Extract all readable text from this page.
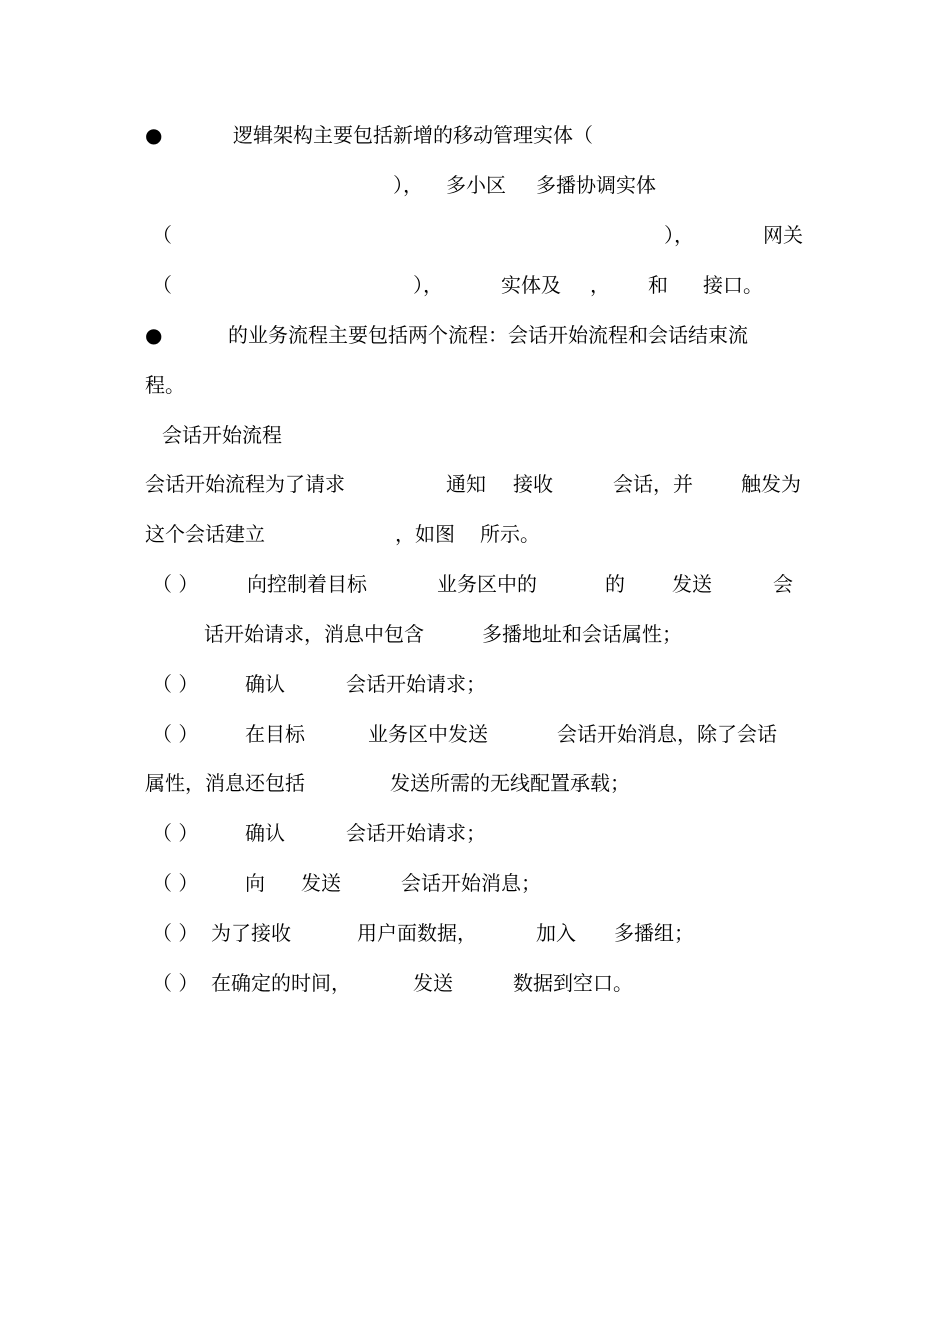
●	逻辑架构主要包括新增的移动管理实体（
）， 多小区 多播协调实体
（	），	网关
（	），	实体及 ， 和 接口。
●	的业务流程主要包括两个流程：会话开始流程和会话结束流
程。
会话开始流程
会话开始流程为了请求	通知 接收	会话，并 触发为
这个会话建立	，如图 所示。
（ ） 向控制着目标	业务区中的	的 发送	会
话开始请求，消息中包含	多播地址和会话属性；
（ ） 确认	会话开始请求；
（ ） 在目标	业务区中发送	会话开始消息，除了会话
属性，消息还包括	发送所需的无线配置承载；
（ ） 确认	会话开始请求；
（ ） 向 发送	会话开始消息；
（ ） 为了接收	用户面数据，	加入 多播组；
（ ） 在确定的时间，	发送	数据到空口。
